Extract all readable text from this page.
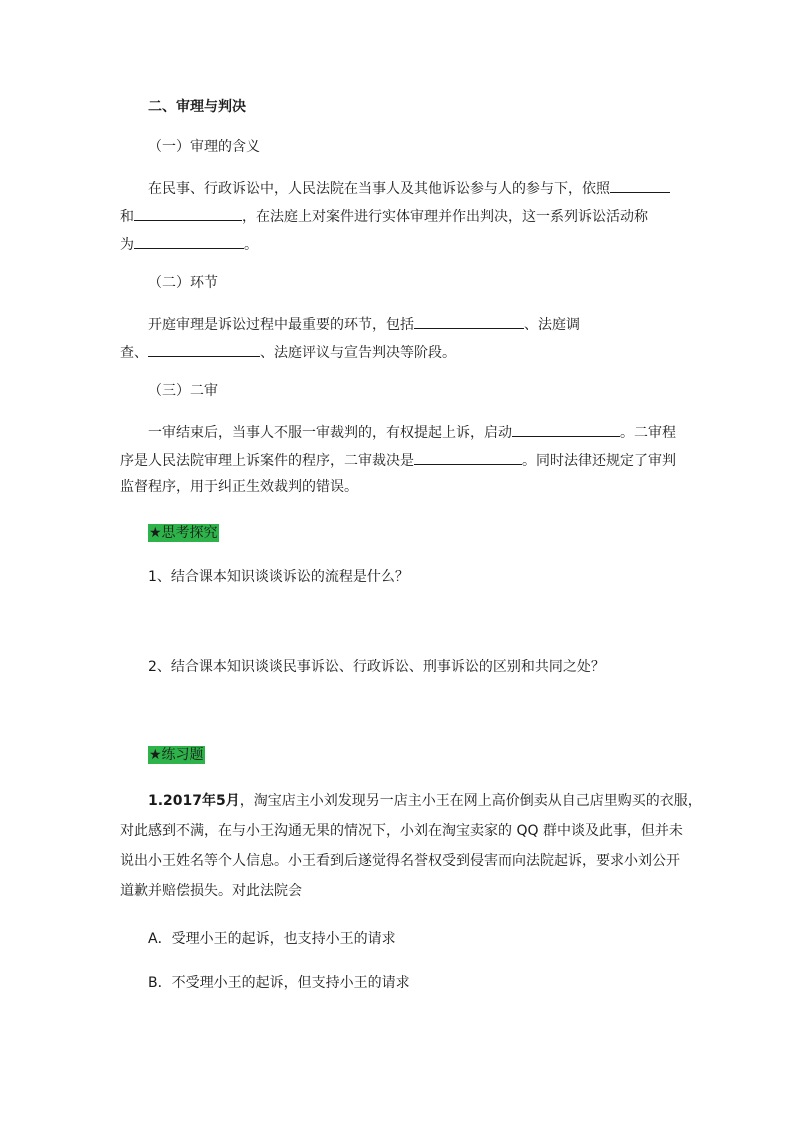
二、审理与判决
（一）审理的含义
在民事、行政诉讼中，人民法院在当事人及其他诉讼参与人的参与下，依照
和	，在法庭上对案件进行实体审理并作出判决，这一系列诉讼活动称
为	。
（二）环节
开庭审理是诉讼过程中最重要的环节，包括	、法庭调
查、	、法庭评议与宣告判决等阶段。
（三）二审
一审结束后，当事人不服一审裁判的，有权提起上诉，启动	。二审程
序是人民法院审理上诉案件的程序，二审裁决是	。同时法律还规定了审判
监督程序，用于纠正生效裁判的错误。
★思考探究
1、结合课本知识谈谈诉讼的流程是什么？
2、结合课本知识谈谈民事诉讼、行政诉讼、刑事诉讼的区别和共同之处？
★练习题
1.2017年5月，淘宝店主小刘发现另一店主小王在网上高价倒卖从自己店里购买的衣服，
对此感到不满，在与小王沟通无果的情况下，小刘在淘宝卖家的 QQ 群中谈及此事，但并未
说出小王姓名等个人信息。小王看到后遂觉得名誉权受到侵害而向法院起诉，要求小刘公开
道歉并赔偿损失。对此法院会
A．受理小王的起诉，也支持小王的请求
B．不受理小王的起诉，但支持小王的请求
